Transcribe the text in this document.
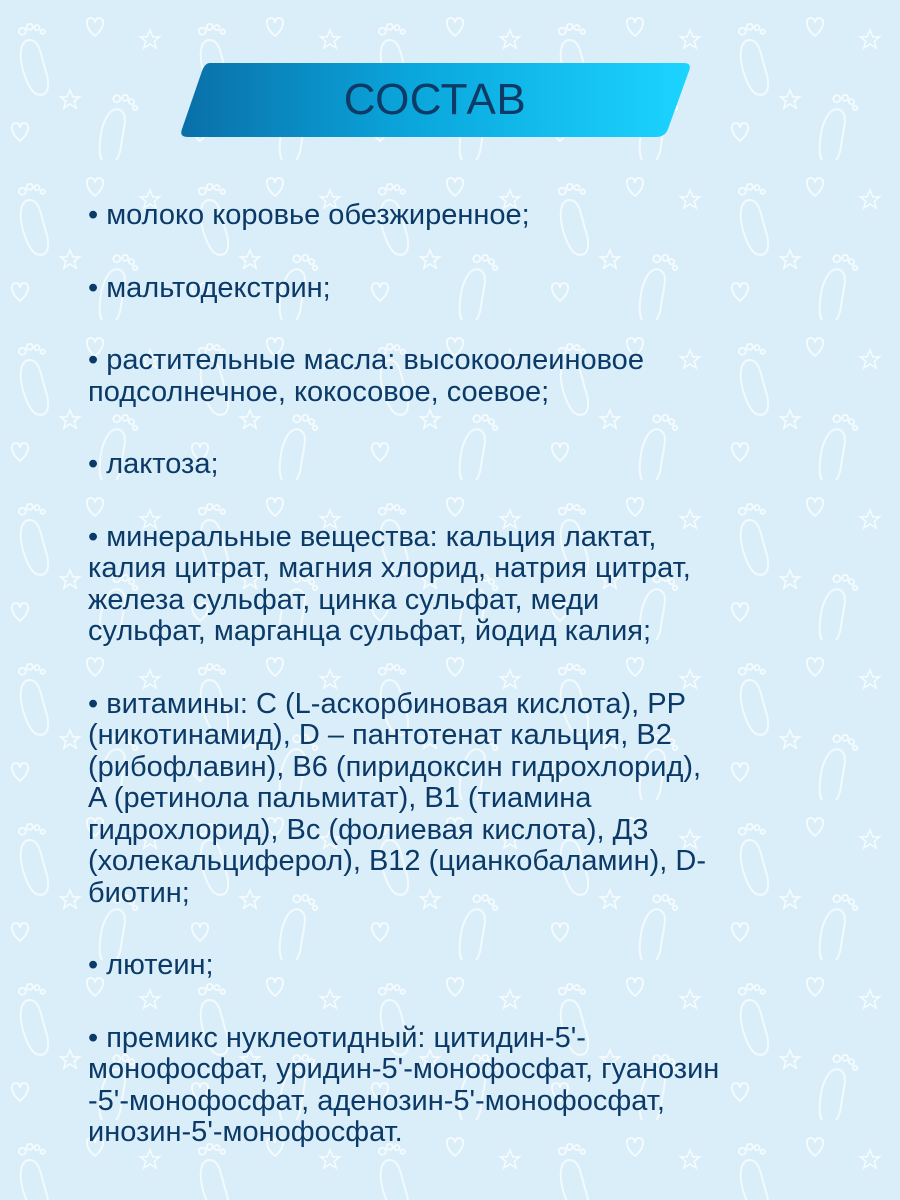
СОСТАВ
• молоко коровье обезжиренное;
• мальтодекстрин;
• растительные масла: высокоолеиновое
подсолнечное, кокосовое, соевое;
• лактоза;
• минеральные вещества: кальция лактат,
калия цитрат, магния хлорид, натрия цитрат,
железа сульфат, цинка сульфат, меди
сульфат, марганца сульфат, йодид калия;
• витамины: С (L-аскорбиновая кислота), PP
(никотинамид), D – пантотенат кальция, B2
(рибофлавин), B6 (пиридоксин гидрохлорид),
A (ретинола пальмитат), B1 (тиамина
гидрохлорид), Bc (фолиевая кислота), Д3
(холекальциферол), B12 (цианкобаламин), D-
биотин;
• лютеин;
• премикс нуклеотидный: цитидин-5'-
монофосфат, уридин-5'-монофосфат, гуанозин
-5'-монофосфат, аденозин-5'-монофосфат,
инозин-5'-монофосфат.
